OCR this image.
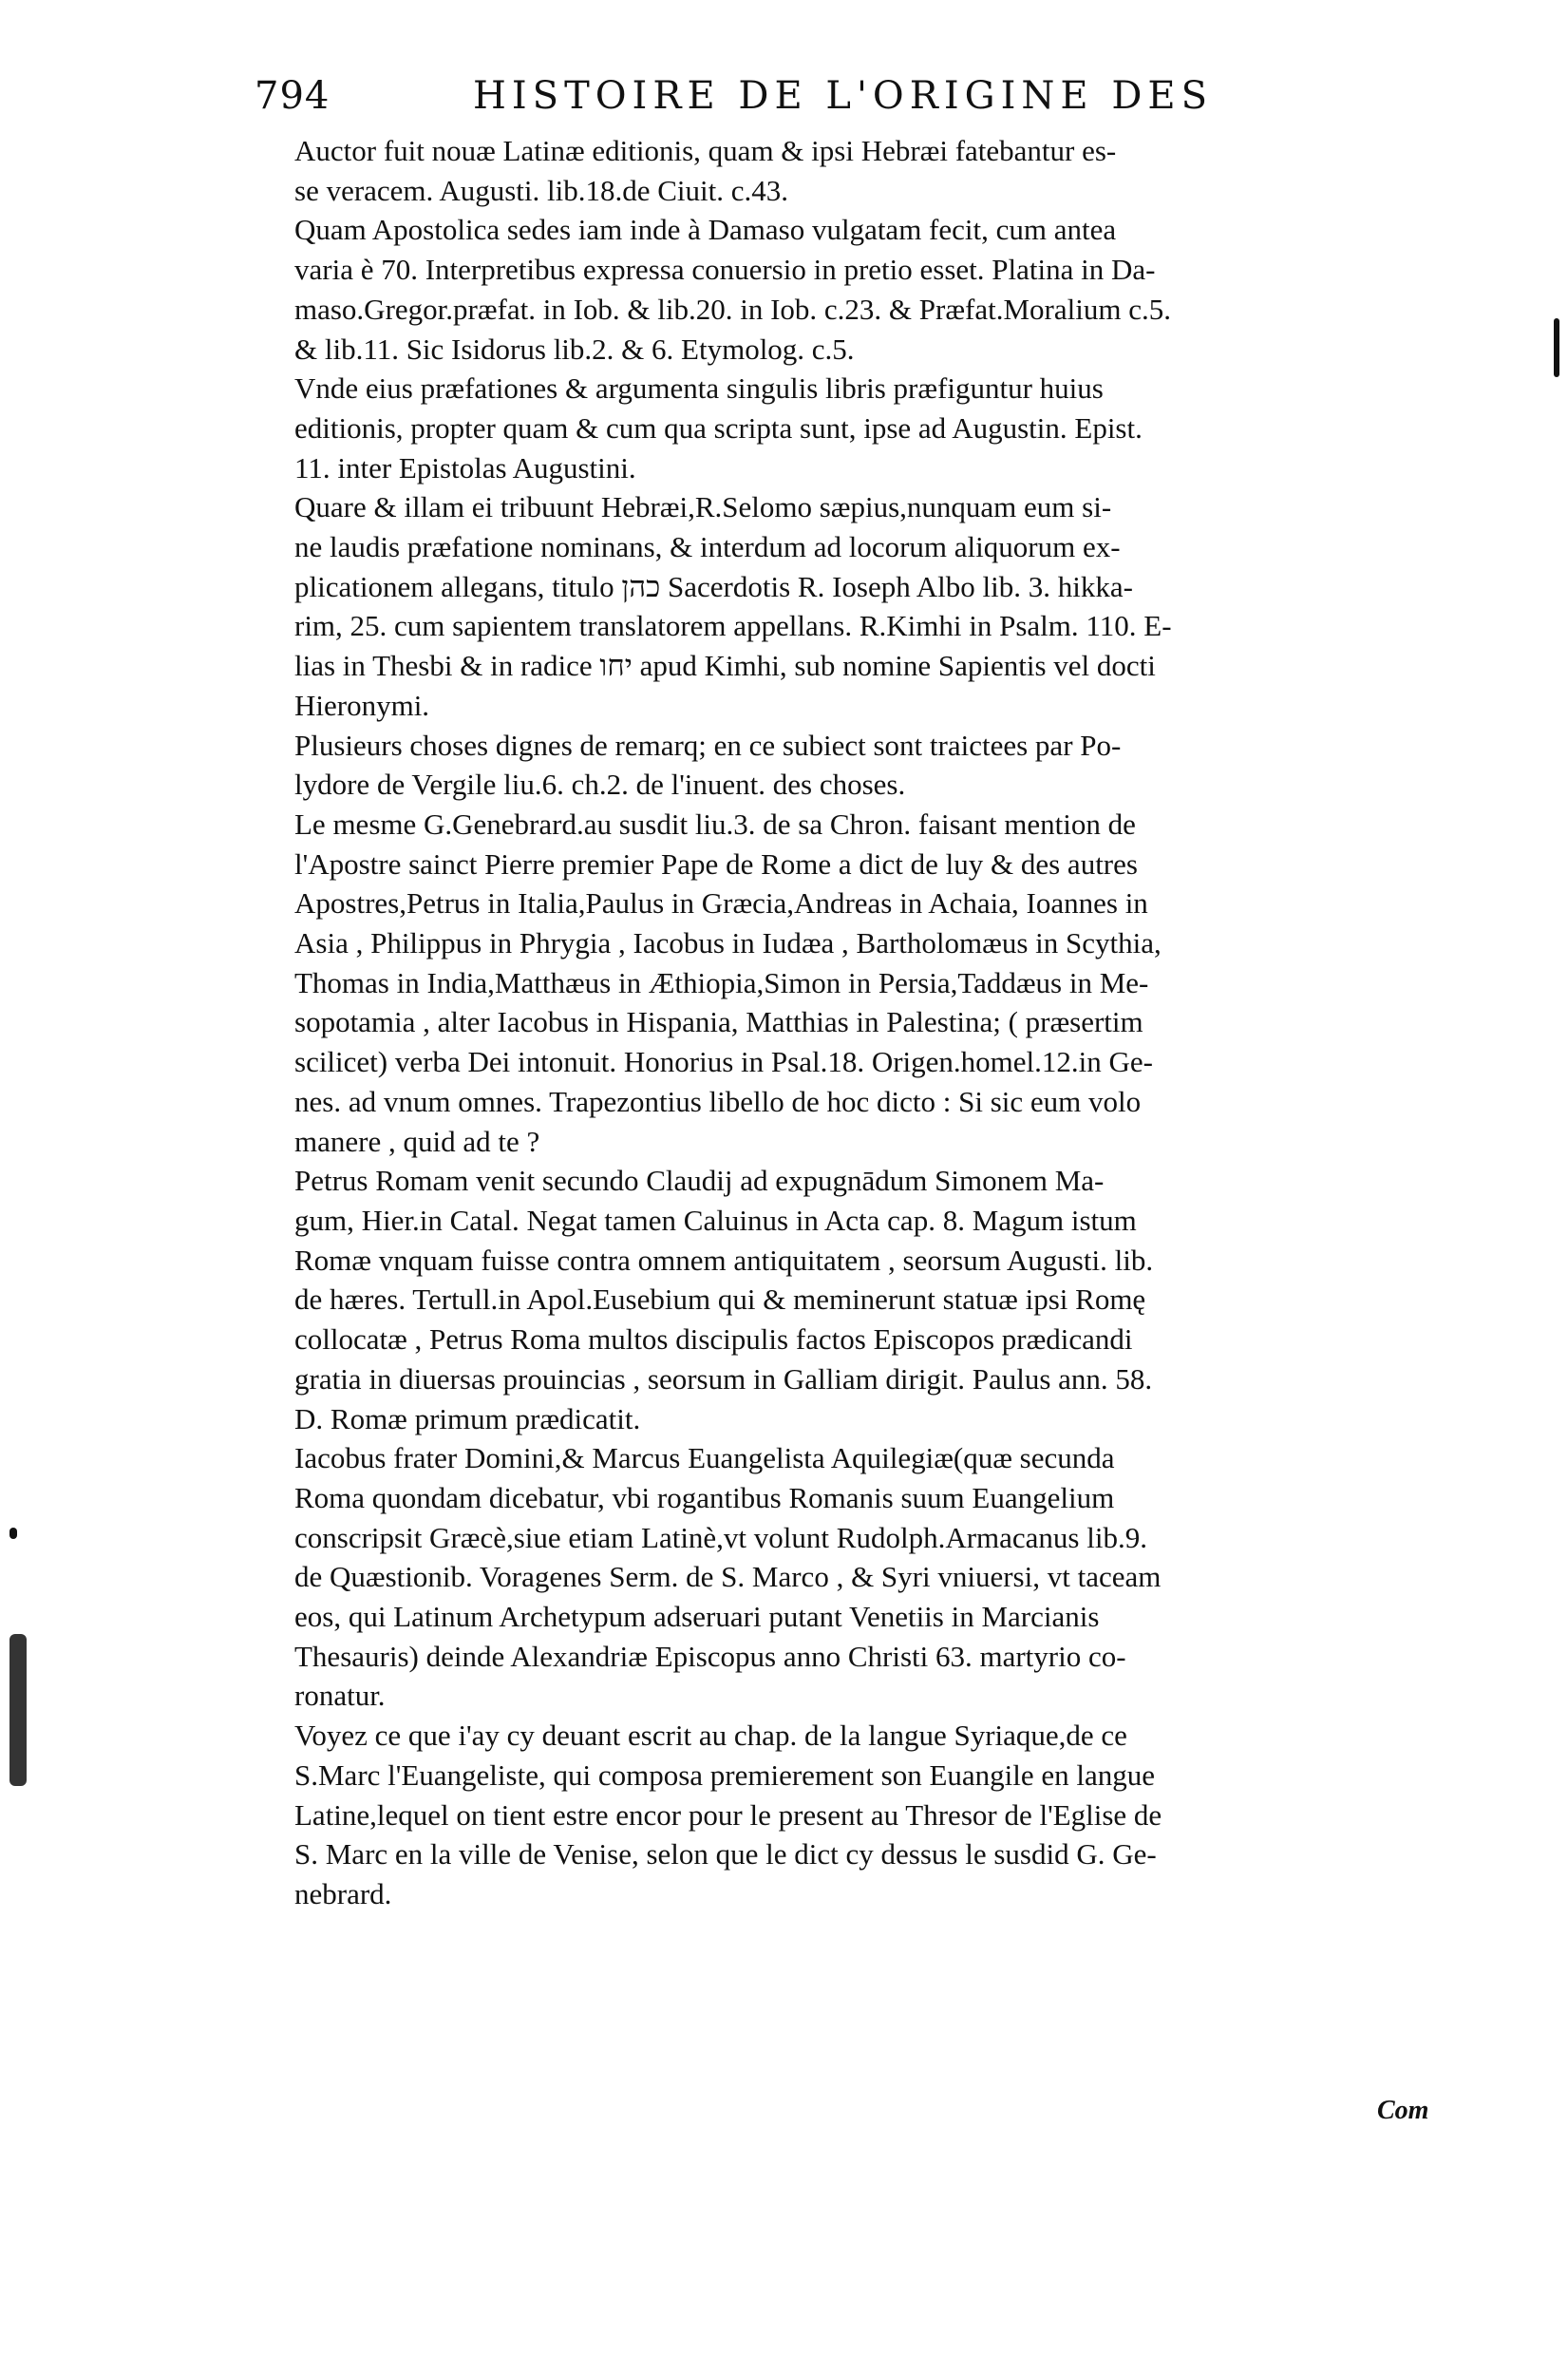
794	HISTOIRE DE L'ORIGINE DES
Auctor fuit nouæ Latinæ editionis, quam & ipsi Hebræi fatebantur es-
se veracem. Augusti. lib.18.de Ciuit. c.43.
Quam Apostolica sedes iam inde à Damaso vulgatam fecit, cum antea
varia è 70. Interpretibus expressa conuersio in pretio esset. Platina in Da-
maso.Gregor.præfat. in Iob. & lib.20. in Iob. c.23. & Præfat.Moralium c.5.
& lib.11. Sic Isidorus lib.2. & 6. Etymolog. c.5.
Vnde eius præfationes & argumenta singulis libris præfiguntur huius
editionis, propter quam & cum qua scripta sunt, ipse ad Augustin. Epist.
11. inter Epistolas Augustini.
Quare & illam ei tribuunt Hebræi,R.Selomo sæpius,nunquam eum si-
ne laudis præfatione nominans, & interdum ad locorum aliquorum ex-
plicationem allegans, titulo כהן Sacerdotis R. Ioseph Albo lib. 3. hikka-
rim, 25. cum sapientem translatorem appellans. R.Kimhi in Psalm. 110. E-
lias in Thesbi & in radice יחו apud Kimhi, sub nomine Sapientis vel docti
Hieronymi.
Plusieurs choses dignes de remarq; en ce subiect sont traictees par Po-
lydore de Vergile liu.6. ch.2. de l'inuent. des choses.
Le mesme G.Genebrard.au susdit liu.3. de sa Chron. faisant mention de
l'Apostre sainct Pierre premier Pape de Rome a dict de luy & des autres
Apostres,Petrus in Italia,Paulus in Græcia,Andreas in Achaia, Ioannes in
Asia , Philippus in Phrygia , Iacobus in Iudæa , Bartholomæus in Scythia,
Thomas in India,Matthæus in Æthiopia,Simon in Persia,Taddæus in Me-
sopotamia , alter Iacobus in Hispania, Matthias in Palestina; ( præsertim
scilicet) verba Dei intonuit. Honorius in Psal.18. Origen.homel.12.in Ge-
nes. ad vnum omnes. Trapezontius libello de hoc dicto : Si sic eum volo
manere , quid ad te ?
Petrus Romam venit secundo Claudij ad expugnādum Simonem Ma-
gum, Hier.in Catal. Negat tamen Caluinus in Acta cap. 8. Magum istum
Romæ vnquam fuisse contra omnem antiquitatem , seorsum Augusti. lib.
de hæres. Tertull.in Apol.Eusebium qui & meminerunt statuæ ipsi Romę
collocatæ , Petrus Roma multos discipulis factos Episcopos prædicandi
gratia in diuersas prouincias , seorsum in Galliam dirigit. Paulus ann. 58.
D. Romæ primum prædicatit.
Iacobus frater Domini,& Marcus Euangelista Aquilegiæ(quæ secunda
Roma quondam dicebatur, vbi rogantibus Romanis suum Euangelium
conscripsit Græcè,siue etiam Latinè,vt volunt Rudolph.Armacanus lib.9.
de Quæstionib. Voragenes Serm. de S. Marco , & Syri vniuersi, vt taceam
eos, qui Latinum Archetypum adseruari putant Venetiis in Marcianis
Thesauris) deinde Alexandriæ Episcopus anno Christi 63. martyrio co-
ronatur.
Voyez ce que i'ay cy deuant escrit au chap. de la langue Syriaque,de ce
S.Marc l'Euangeliste, qui composa premierement son Euangile en langue
Latine,lequel on tient estre encor pour le present au Thresor de l'Eglise de
S. Marc en la ville de Venise, selon que le dict cy dessus le susdid G. Ge-
nebrard.
Com
